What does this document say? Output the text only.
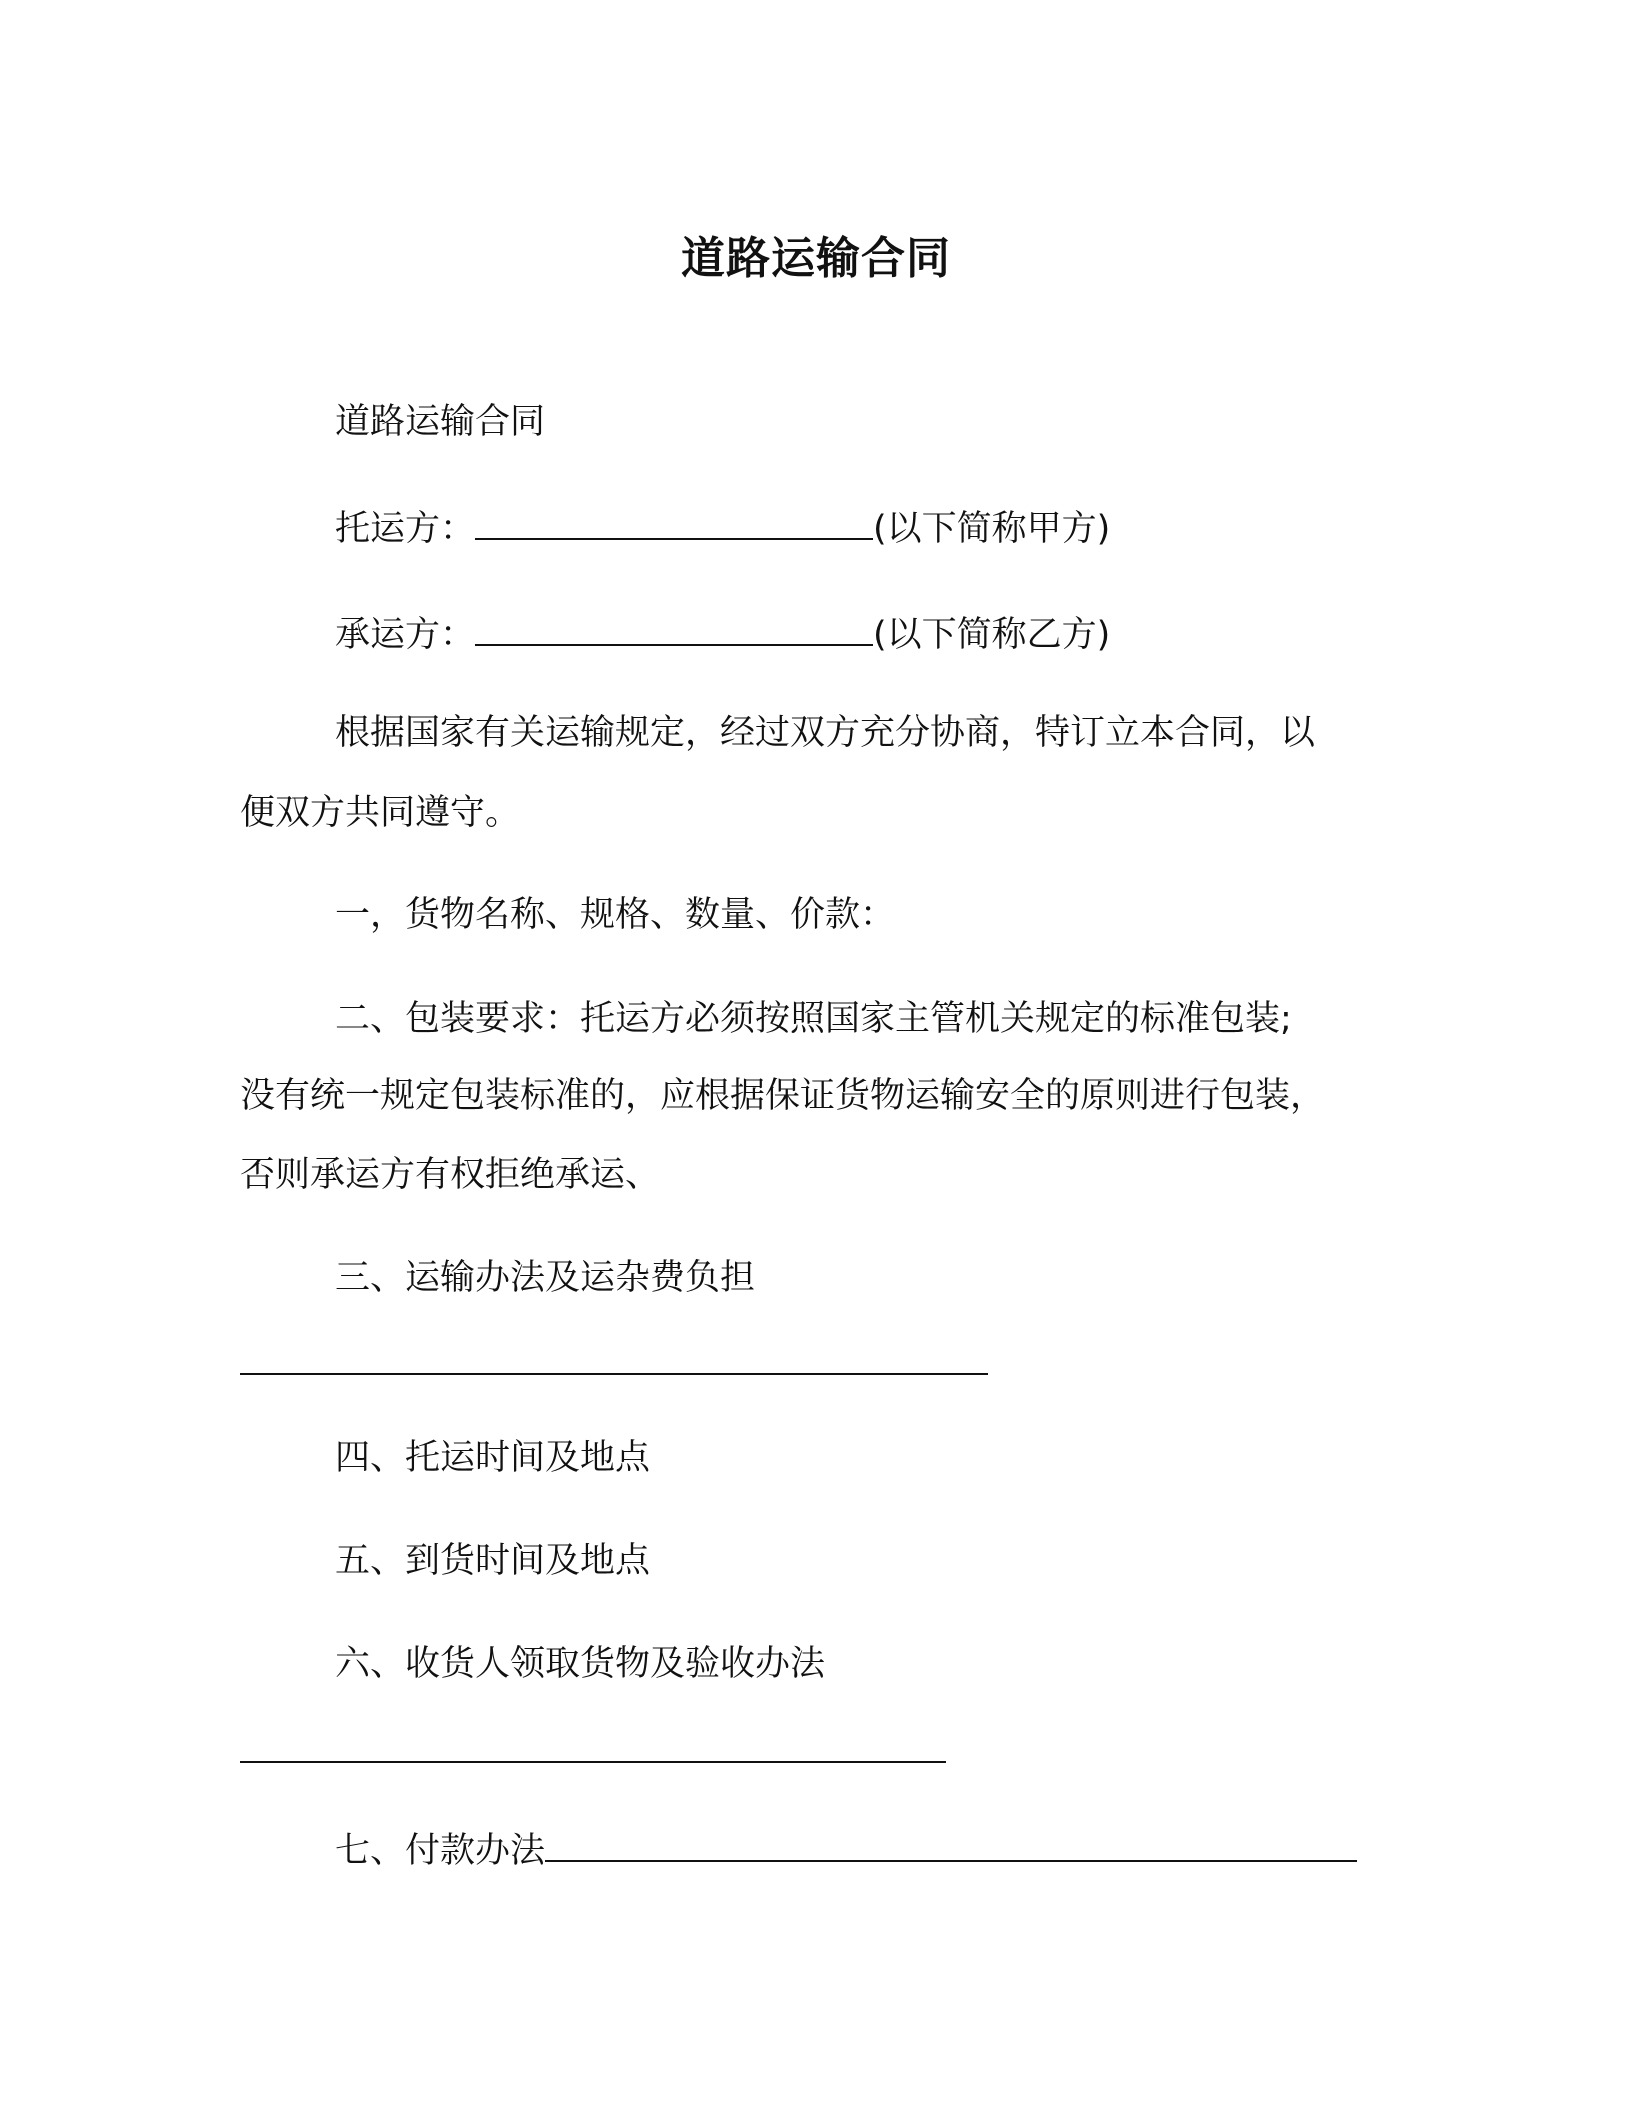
道路运输合同
道路运输合同
托运方：	(以下简称甲方)
承运方：	(以下简称乙方)
根据国家有关运输规定，经过双方充分协商，特订立本合同，以
便双方共同遵守。
一，货物名称、规格、数量、价款：
二、包装要求：托运方必须按照国家主管机关规定的标准包装;
没有统一规定包装标准的，应根据保证货物运输安全的原则进行包装，
否则承运方有权拒绝承运、
三、运输办法及运杂费负担
四、托运时间及地点
五、到货时间及地点
六、收货人领取货物及验收办法
七、付款办法
